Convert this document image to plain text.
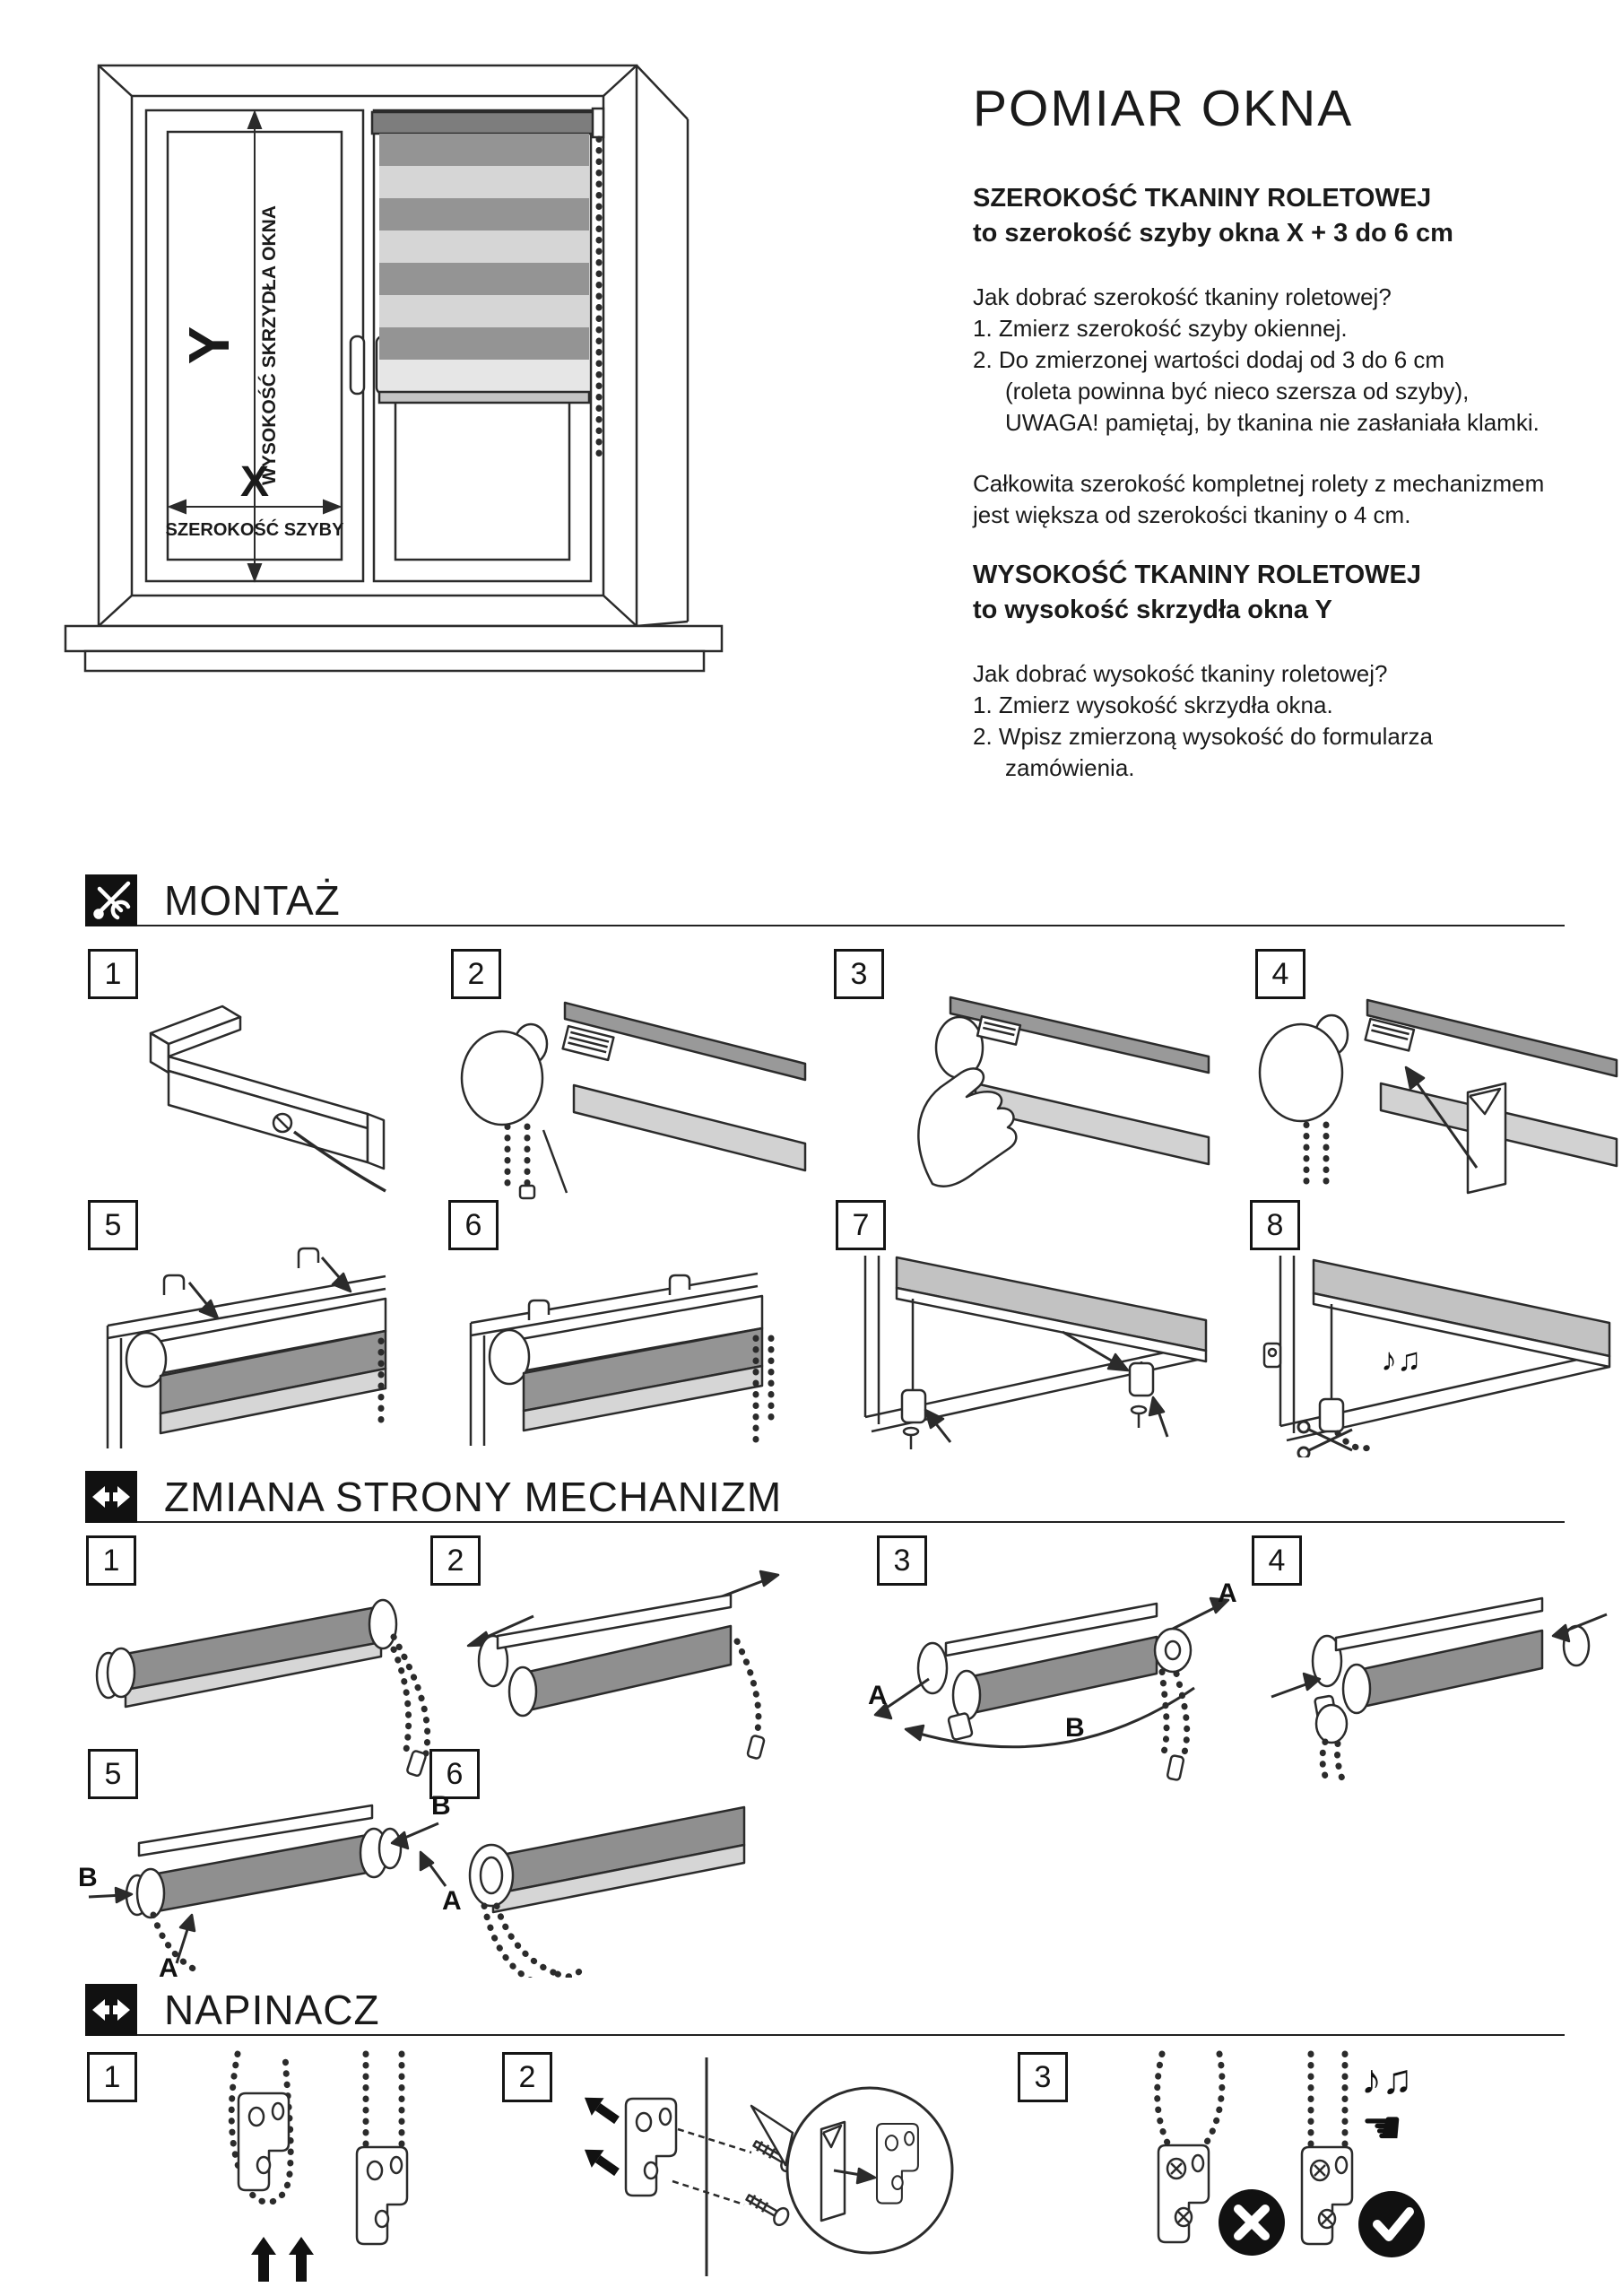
Y WYSOKOŚĆ SKRZYDŁA OKNA
X
SZEROKOŚĆ SZYBY
POMIAR OKNA
SZEROKOŚĆ TKANINY ROLETOWEJ
to szerokość szyby okna X + 3 do 6 cm
Jak dobrać szerokość tkaniny roletowej?
1. Zmierz szerokość szyby okiennej.
2. Do zmierzonej wartości dodaj od 3 do 6 cm
(roleta powinna być nieco szersza od szyby),
UWAGA! pamiętaj, by tkanina nie zasłaniała klamki.
Całkowita szerokość kompletnej rolety z mechanizmem
jest większa od szerokości tkaniny o 4 cm.
WYSOKOŚĆ TKANINY ROLETOWEJ
to wysokość skrzydła okna Y
Jak dobrać wysokość tkaniny roletowej?
1. Zmierz wysokość skrzydła okna.
2. Wpisz zmierzoną wysokość do formularza
zamówienia.
MONTAŻ
1	2	3	4
5	6	7	8
♪♫
ZMIANA STRONY MECHANIZM
1	2	3	4
5	6
A
A
B
B
B
A
A
NAPINACZ
1	2	3	♪♫
☚
